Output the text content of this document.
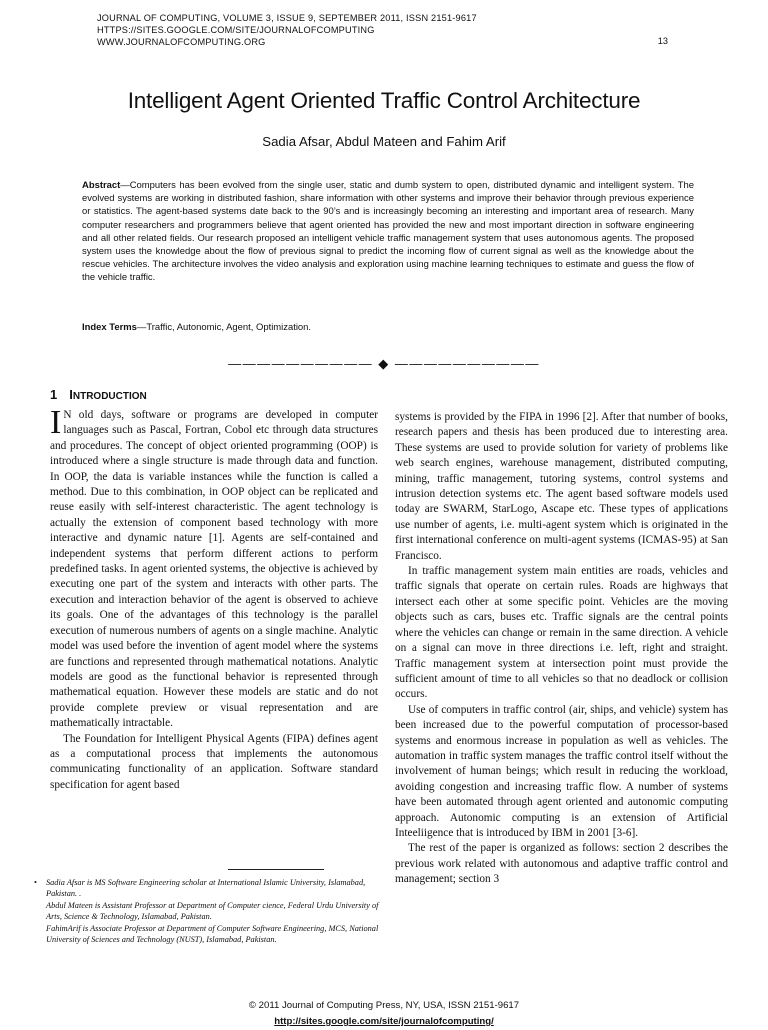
JOURNAL OF COMPUTING, VOLUME 3, ISSUE 9, SEPTEMBER 2011, ISSN 2151-9617
HTTPS://SITES.GOOGLE.COM/SITE/JOURNALOFCOMPUTING
WWW.JOURNALOFCOMPUTING.ORG	13
Intelligent Agent Oriented Traffic Control Architecture
Sadia Afsar, Abdul Mateen and Fahim Arif
Abstract—Computers has been evolved from the single user, static and dumb system to open, distributed dynamic and intelligent system. The evolved systems are working in distributed fashion, share information with other systems and improve their behavior through previous experience or statistics. The agent-based systems date back to the 90’s and is increasingly becoming an interesting and important area of research. Many computer researchers and programmers believe that agent oriented has provided the new and most important direction in software engineering and all other related fields. Our research proposed an intelligent vehicle traffic management system that uses autonomous agents. The proposed system uses the knowledge about the flow of previous signal to predict the incoming flow of current signal as well as the knowledge about the rescue vehicles. The architecture involves the video analysis and exploration using machine learning techniques to estimate and guess the flow of the vehicle traffic.
Index Terms—Traffic, Autonomic, Agent, Optimization.
—————————— ◆ ——————————
1 INTRODUCTION

I N old days, software or programs are developed in computer languages such as Pascal, Fortran, Cobol etc through data structures and procedures. The concept of object oriented programming (OOP) is introduced where a single structure is made through data and function. In OOP, the data is variable instances while the function is called a method. Due to this combination, in OOP object can be replicated and reuse easily with self-interest characteristic. The agent technology is actually the extension of component based technology with more interactive and dynamic nature [1]. Agents are self-contained and independent systems that perform different actions to perform predefined tasks. In agent oriented systems, the objective is achieved by executing one part of the system and interacts with other parts. The execution and interaction behavior of the agent is observed to achieve its goals. One of the advantages of this technology is the parallel execution of numerous numbers of agents on a single machine. Analytic model was used before the invention of agent model where the systems are functions and represented through mathematical notations. Analytic models are good as the functional behavior is represented through mathematical equation. However these models are static and do not provide complete preview or visual representation and are mathematically intractable.

The Foundation for Intelligent Physical Agents (FIPA) defines agent as a computational process that implements the autonomous communicating functionality of an application. Software standard specification for agent based

systems is provided by the FIPA in 1996 [2]. After that number of books, research papers and thesis has been produced due to interesting area. These systems are used to provide solution for variety of problems like web search engines, warehouse management, distributed computing, mining, traffic management, tutoring systems, control systems and intrusion detection systems etc. The agent based software models used today are SWARM, StarLogo, Ascape etc. These types of applications use number of agents, i.e. multi-agent system which is originated in the first international conference on multi-agent systems (ICMAS-95) at San Francisco.

In traffic management system main entities are roads, vehicles and traffic signals that operate on certain rules. Roads are highways that intersect each other at some specific point. Vehicles are the moving objects such as cars, buses etc. Traffic signals are the central points where the vehicles can change or remain in the same direction. A vehicle on a signal can move in three directions i.e. left, right and straight. Traffic management system at intersection point must provide the sufficient amount of time to all vehicles so that no deadlock or collision occurs.

Use of computers in traffic control (air, ships, and vehicle) system has been increased due to the powerful computation of processor-based systems and enormous increase in population as well as vehicles. The automation in traffic system manages the traffic control itself without the involvement of human beings; which result in reducing the workload, avoiding congestion and increasing traffic flow. A number of systems have been automated through agent oriented and autonomic computing approach. Autonomic computing is an extension of Artificial Inteeliigence that is introduced by IBM in 2001 [3-6].

The rest of the paper is organized as follows: section 2 describes the previous work related with autonomous and adaptive traffic control and management; section 3

•	Sadia Afsar is MS Software Engineering scholar at International Islamic University, Islamabad, Pakistan. .
Abdul Mateen is Assistant Professor at Department of Computer cience, Federal Urdu University of Arts, Science & Technology, Islamabad, Pakistan.
FahimArif is Associate Professor at Department of Computer Software Engineering, MCS, National University of Sciences and Technology (NUST), Islamabad, Pakistan.
© 2011 Journal of Computing Press, NY, USA, ISSN 2151-9617
http://sites.google.com/site/journalofcomputing/
